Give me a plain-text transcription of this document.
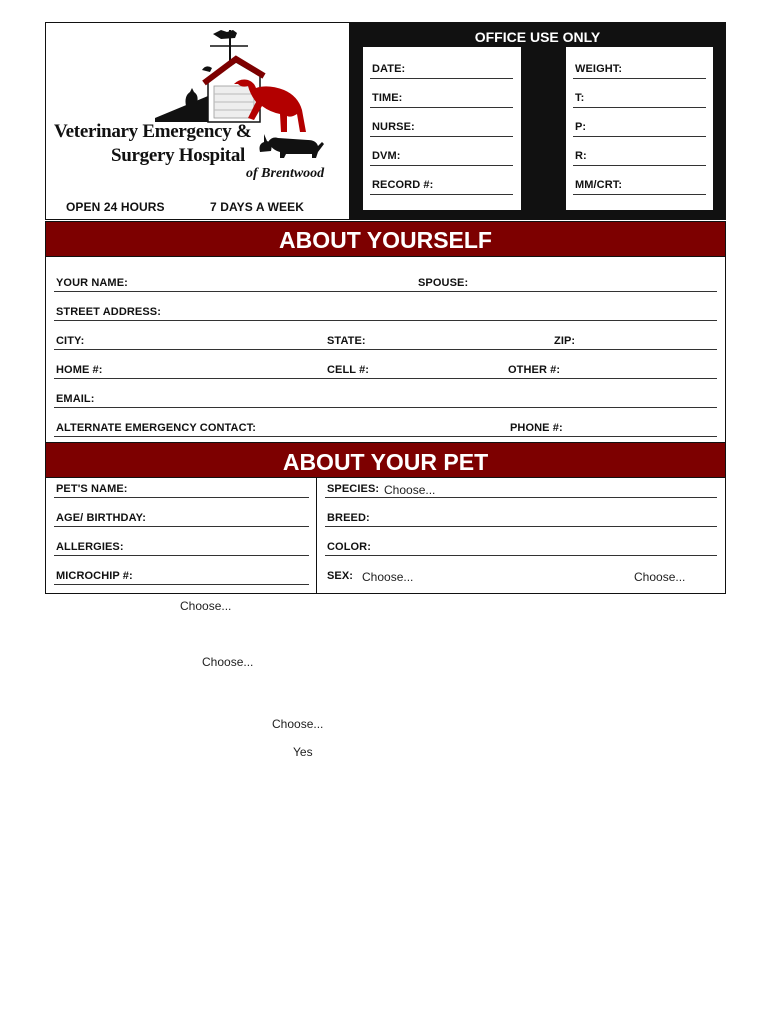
Veterinary Emergency &
Surgery Hospital
of Brentwood
OPEN 24 HOURS	7 DAYS A WEEK
OFFICE USE ONLY
DATE:
TIME:
NURSE:
DVM:
RECORD #:
WEIGHT:
T:
P:
R:
MM/CRT:
ABOUT YOURSELF
YOUR NAME:	SPOUSE:
STREET ADDRESS:
CITY:	STATE:	ZIP:
HOME #:	CELL #:	OTHER #:
EMAIL:
ALTERNATE EMERGENCY CONTACT:	PHONE #:
ABOUT YOUR PET
PET'S NAME:
AGE/ BIRTHDAY:
ALLERGIES:
MICROCHIP #:
SPECIES: Choose...
BREED:
COLOR:
SEX: Choose...	Choose...
Choose...
Choose...
Choose...
Yes
